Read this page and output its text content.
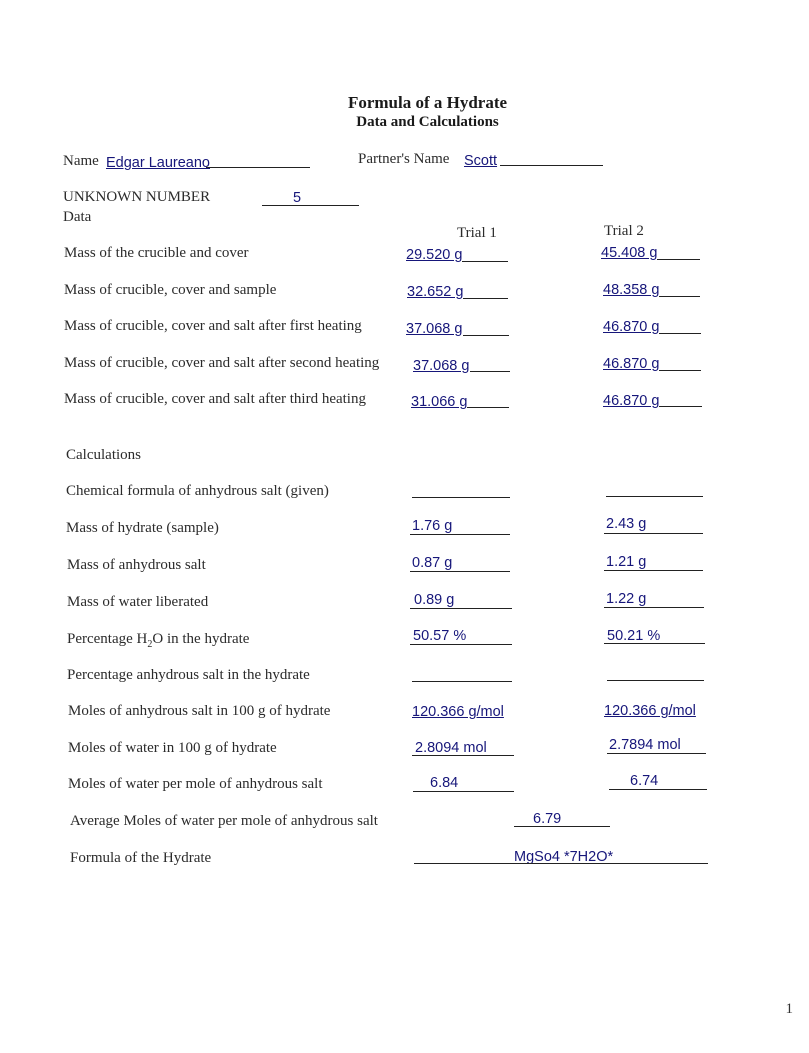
Formula of a Hydrate
Data and Calculations
Name Edgar Laureano	Partner's Name Scott
UNKNOWN NUMBER	5
Data
Trial 1	Trial 2
Mass of the crucible and cover	29.520 g	45.408 g
Mass of crucible, cover and sample	32.652 g	48.358 g
Mass of crucible, cover and salt after first heating	37.068 g	46.870 g
Mass of crucible, cover and salt after second heating 37.068 g	46.870 g
Mass of crucible, cover and salt after third heating	31.066 g	46.870 g
Calculations
Chemical formula of anhydrous salt (given)
Mass of hydrate (sample)	1.76 g	2.43 g
Mass of anhydrous salt	0.87 g	1.21 g
Mass of water liberated	0.89 g	1.22 g
Percentage $H_2O$ in the hydrate	50.57 %	50.21 %
Percentage anhydrous salt in the hydrate
Moles of anhydrous salt in 100 g of hydrate	120.366 g/mol	120.366 g/mol
Moles of water in 100 g of hydrate	2.8094 mol	2.7894 mol
Moles of water per mole of anhydrous salt	6.84	6.74
Average Moles of water per mole of anhydrous salt	6.79
Formula of the Hydrate	MgSo4 *7H2O*
1
